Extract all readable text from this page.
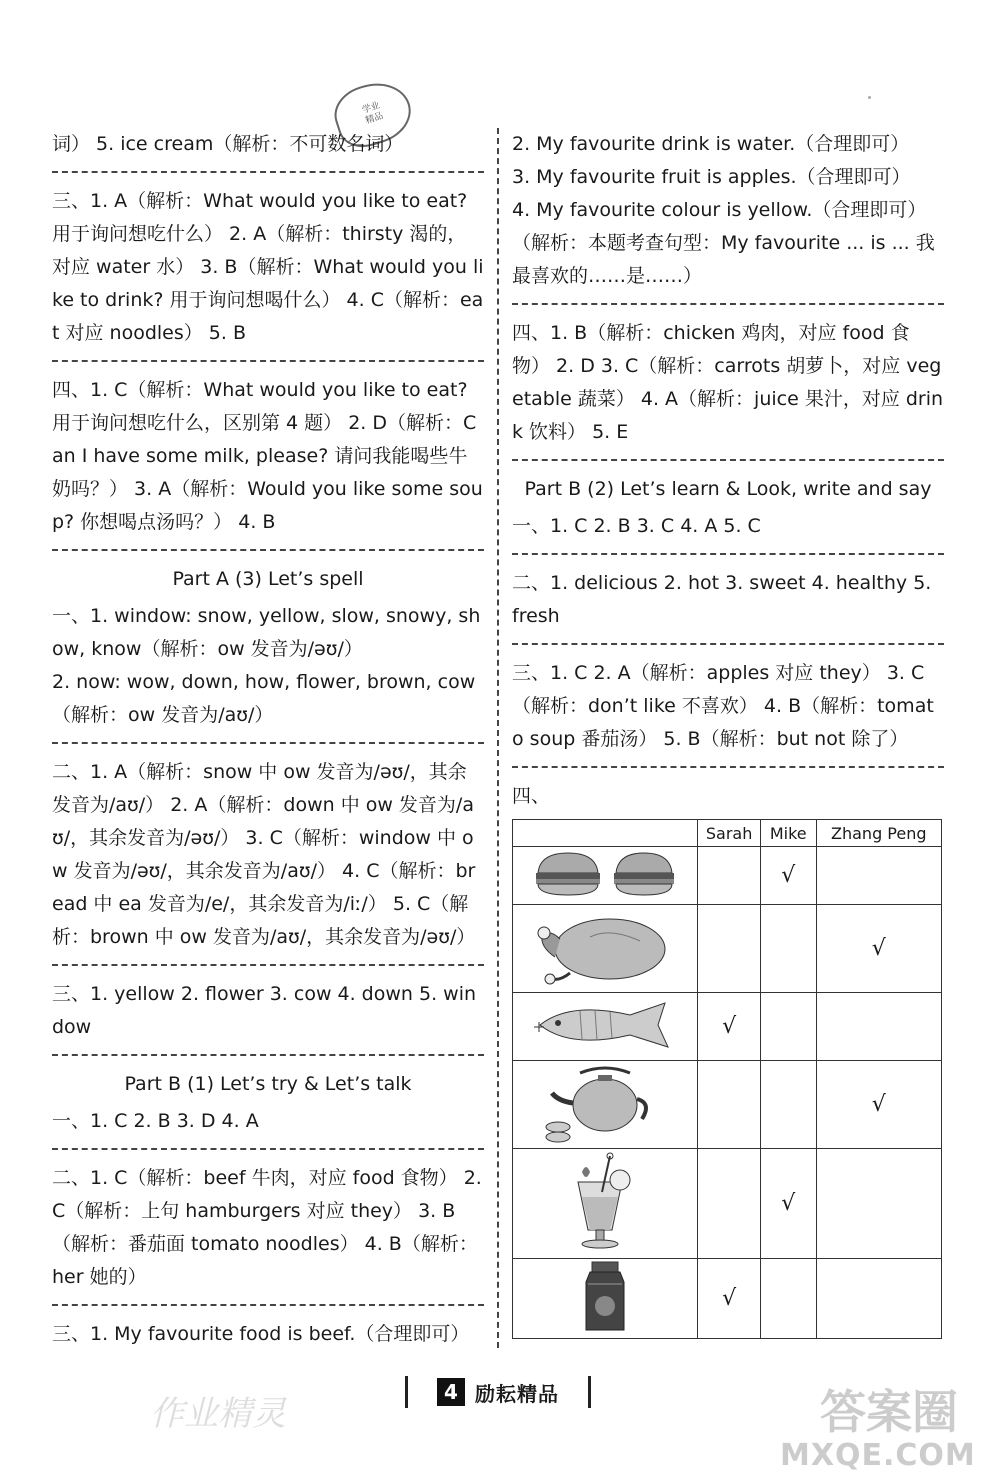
学业
精品

词） 5. ice cream（解析：不可数名词）

三、1. A（解析：What would you like to eat? 用于询问想吃什么） 2. A（解析：thirsty 渴的，对应 water 水） 3. B（解析：What would you like to drink? 用于询问想喝什么） 4. C（解析：eat 对应 noodles） 5. B

四、1. C（解析：What would you like to eat? 用于询问想吃什么，区别第 4 题） 2. D（解析：Can I have some milk, please? 请问我能喝些牛奶吗？） 3. A（解析：Would you like some soup? 你想喝点汤吗？） 4. B

Part A (3) Let’s spell

一、1. window: snow, yellow, slow, snowy, show, know（解析：ow 发音为/əʊ/）

2. now: wow, down, how, flower, brown, cow（解析：ow 发音为/aʊ/）

二、1. A（解析：snow 中 ow 发音为/əʊ/，其余发音为/aʊ/） 2. A（解析：down 中 ow 发音为/aʊ/，其余发音为/əʊ/） 3. C（解析：window 中 ow 发音为/əʊ/，其余发音为/aʊ/） 4. C（解析：bread 中 ea 发音为/e/，其余发音为/iː/） 5. C（解析：brown 中 ow 发音为/aʊ/，其余发音为/əʊ/）

三、1. yellow 2. flower 3. cow 4. down 5. window

Part B (1) Let’s try & Let’s talk

一、1. C 2. B 3. D 4. A

二、1. C（解析：beef 牛肉，对应 food 食物） 2. C（解析：上句 hamburgers 对应 they） 3. B（解析：番茄面 tomato noodles） 4. B（解析：her 她的）

三、1. My favourite food is beef.（合理即可）

2. My favourite drink is water.（合理即可）

3. My favourite fruit is apples.（合理即可）

4. My favourite colour is yellow.（合理即可）（解析：本题考查句型：My favourite ... is ... 我最喜欢的……是……）

四、1. B（解析：chicken 鸡肉，对应 food 食物） 2. D 3. C（解析：carrots 胡萝卜，对应 vegetable 蔬菜） 4. A（解析：juice 果汁，对应 drink 饮料） 5. E

Part B (2) Let’s learn & Look, write and say

一、1. C 2. B 3. C 4. A 5. C

二、1. delicious 2. hot 3. sweet 4. healthy 5. fresh

三、1. C 2. A（解析：apples 对应 they） 3. C（解析：don’t like 不喜欢） 4. B（解析：tomato soup 番茄汤） 5. B（解析：but not 除了）

四、
	Sarah	Mike	Zhang Peng
		√	
			√
	√		
			√
		√	
	√		
作业精灵
4 励耘精品	答案圈
MXQE.COM
